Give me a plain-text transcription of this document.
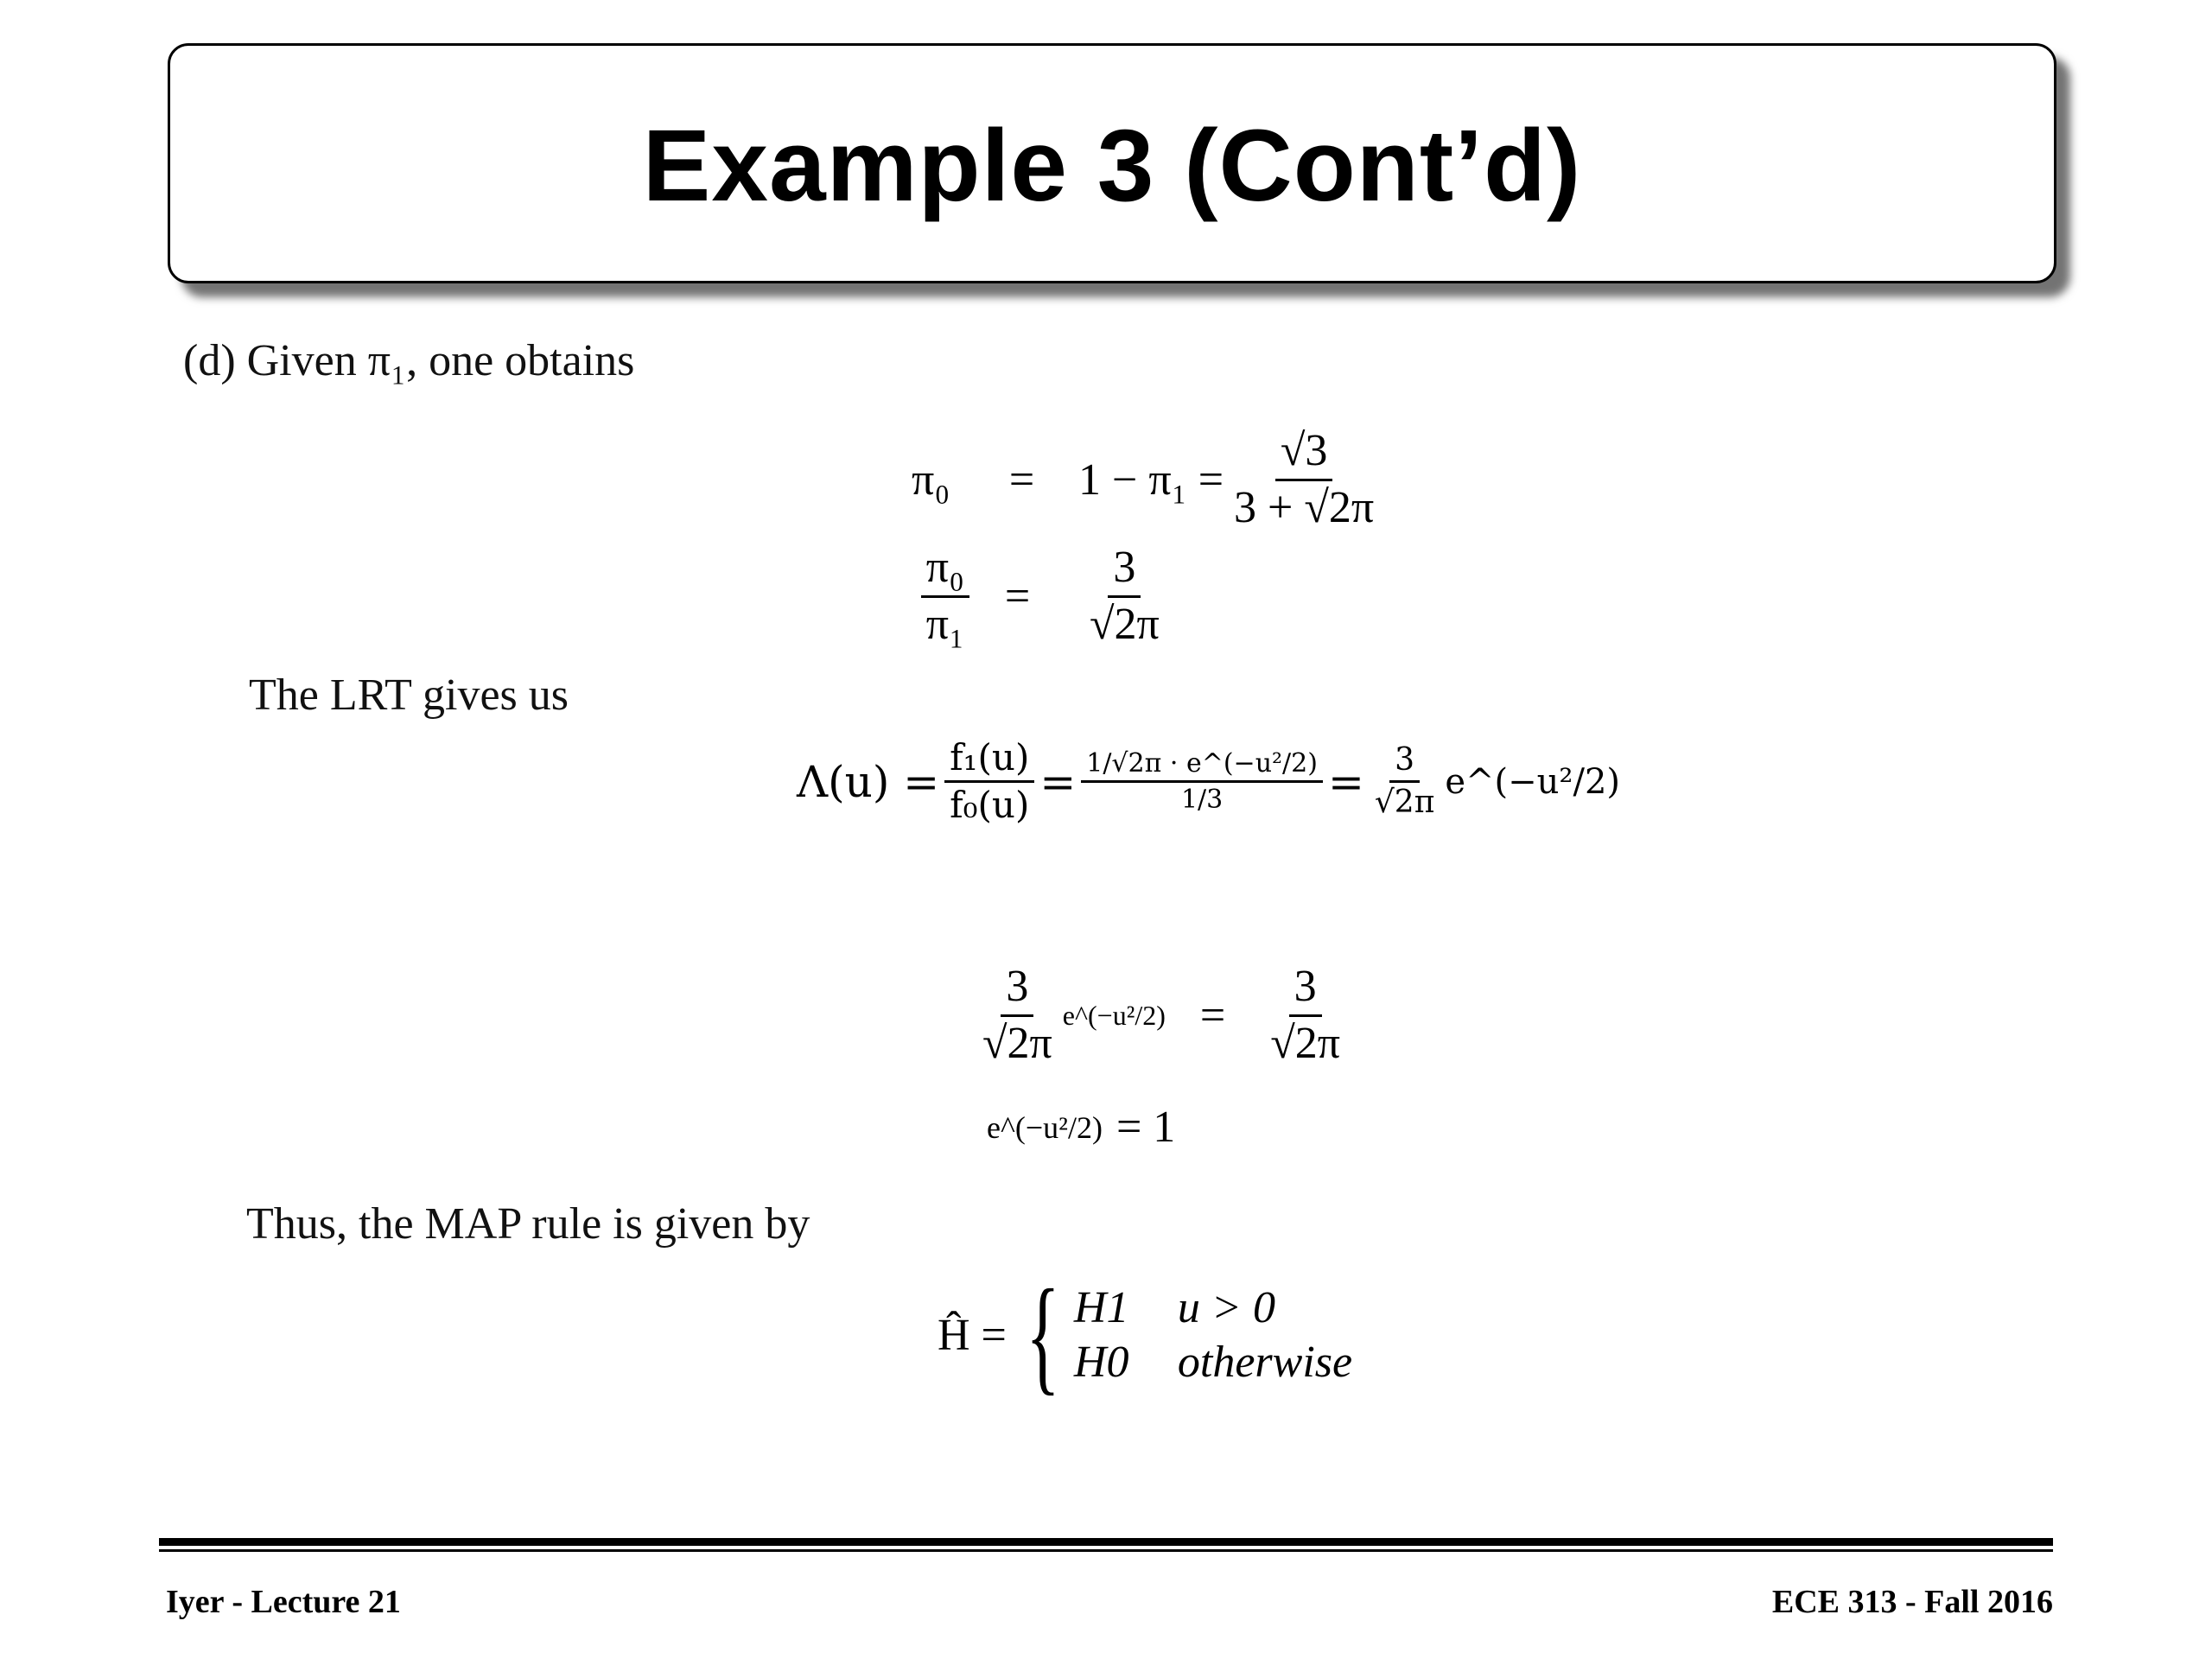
Example 3 (Cont’d)
(d) Given π₁, one obtains
π₀	= $1 - \pi_1 = \frac{√3}{3 + √2\pi}$
$\frac{\text{π₀}}{\text{π₁}}$ =	$\frac{3}{√2\pi}$
The LRT gives us
$\Lambda(u) = \frac{\text{f₁(u)}}{\text{f₀(u)}} = \frac{\text{1/√2π · e\textasciicircum{}(−u²/2)}}{1/3} = \frac{3}{√2\pi}$ e^(−u²/2)
$\frac{3}{√2\pi}$ e^(−u²/2) = $\frac{3}{√2\pi}$
e^(−u²/2) = 1
Thus, the MAP rule is given by
Ĥ = { H1	u > 0
H0	otherwise
Iyer - Lecture 21	ECE 313 - Fall 2016
